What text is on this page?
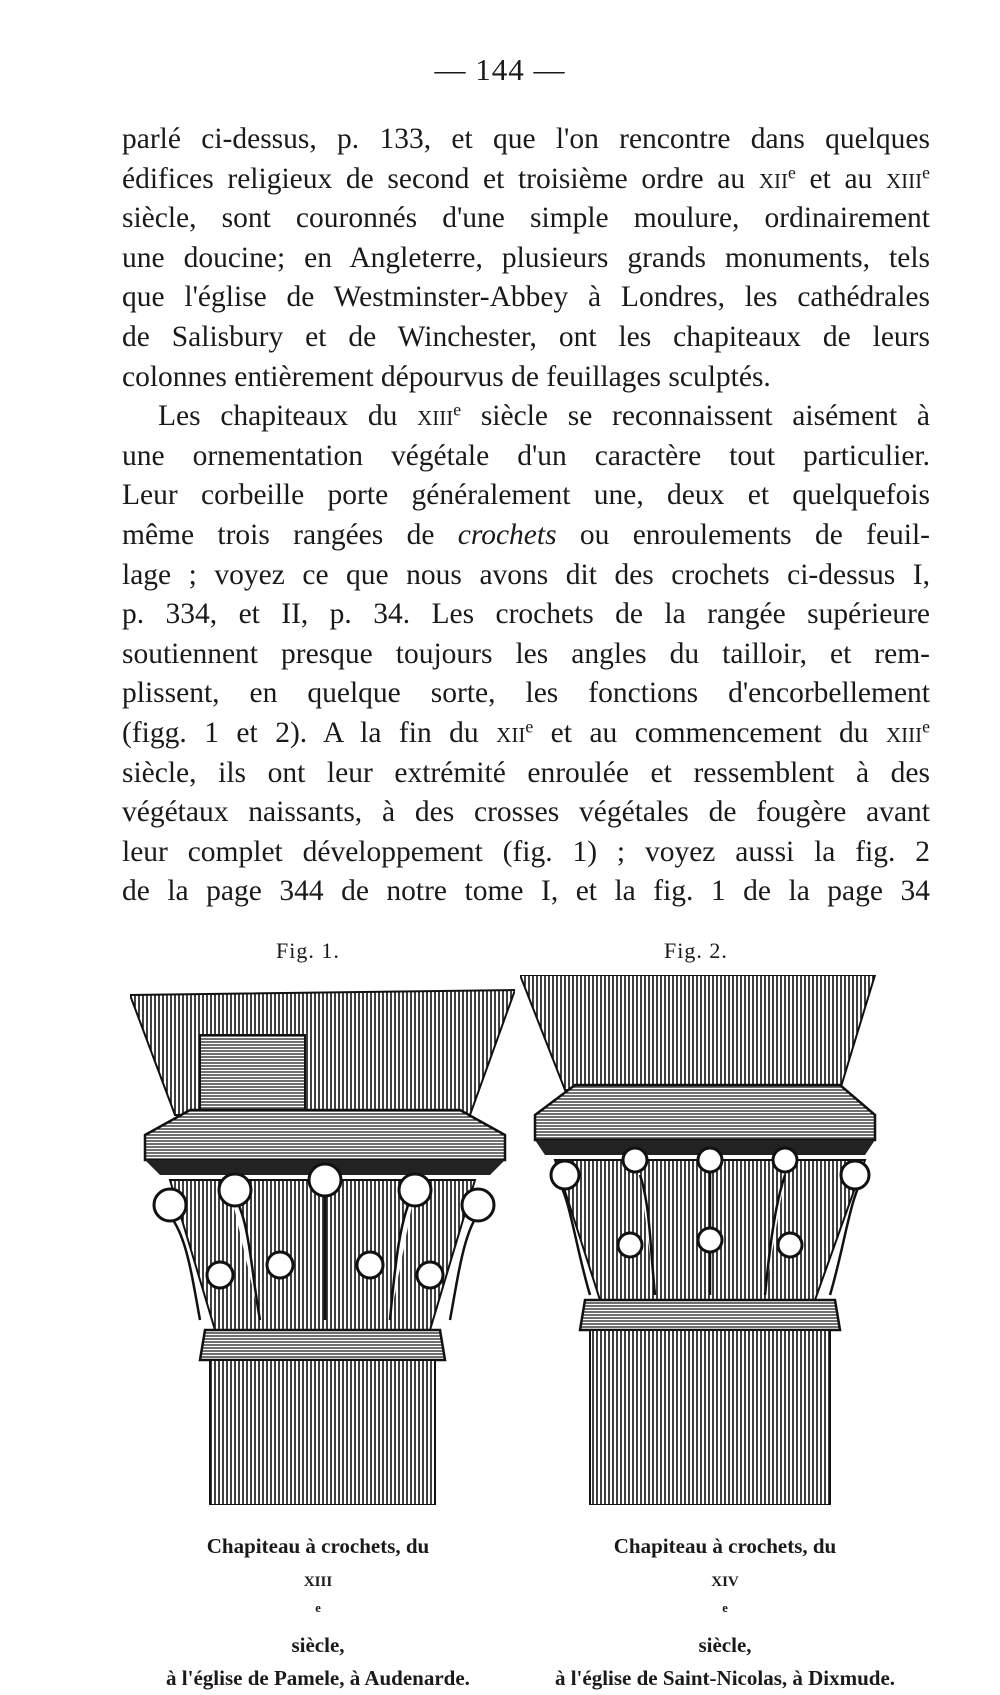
— 144 —
parlé ci-dessus, p. 133, et que l'on rencontre dans quelques
édifices religieux de second et troisième ordre au xii$^e$ et au xiii$^e$
siècle, sont couronnés d'une simple moulure, ordinairement
une doucine; en Angleterre, plusieurs grands monuments, tels
que l'église de Westminster-Abbey à Londres, les cathédrales
de Salisbury et de Winchester, ont les chapiteaux de leurs
colonnes entièrement dépourvus de feuillages sculptés.
Les chapiteaux du xiii$^e$ siècle se reconnaissent aisément à
une ornementation végétale d'un caractère tout particulier.
Leur corbeille porte généralement une, deux et quelquefois
même trois rangées de crochets ou enroulements de feuil-
lage ; voyez ce que nous avons dit des crochets ci-dessus I,
p. 334, et II, p. 34. Les crochets de la rangée supérieure
soutiennent presque toujours les angles du tailloir, et rem-
plissent, en quelque sorte, les fonctions d'encorbellement
(figg. 1 et 2). A la fin du xii$^e$ et au commencement du xiii$^e$
siècle, ils ont leur extrémité enroulée et ressemblent à des
végétaux naissants, à des crosses végétales de fougère avant
leur complet développement (fig. 1) ; voyez aussi la fig. 2
de la page 344 de notre tome I, et la fig. 1 de la page 34
Fig. 1.	Fig. 2.
Chapiteau à crochets, du
xiii
$^e$
siècle,
à l'église de Pamele, à Audenarde.
Chapiteau à crochets, du
xiv
$^e$
siècle,
à l'église de Saint-Nicolas, à Dixmude.
